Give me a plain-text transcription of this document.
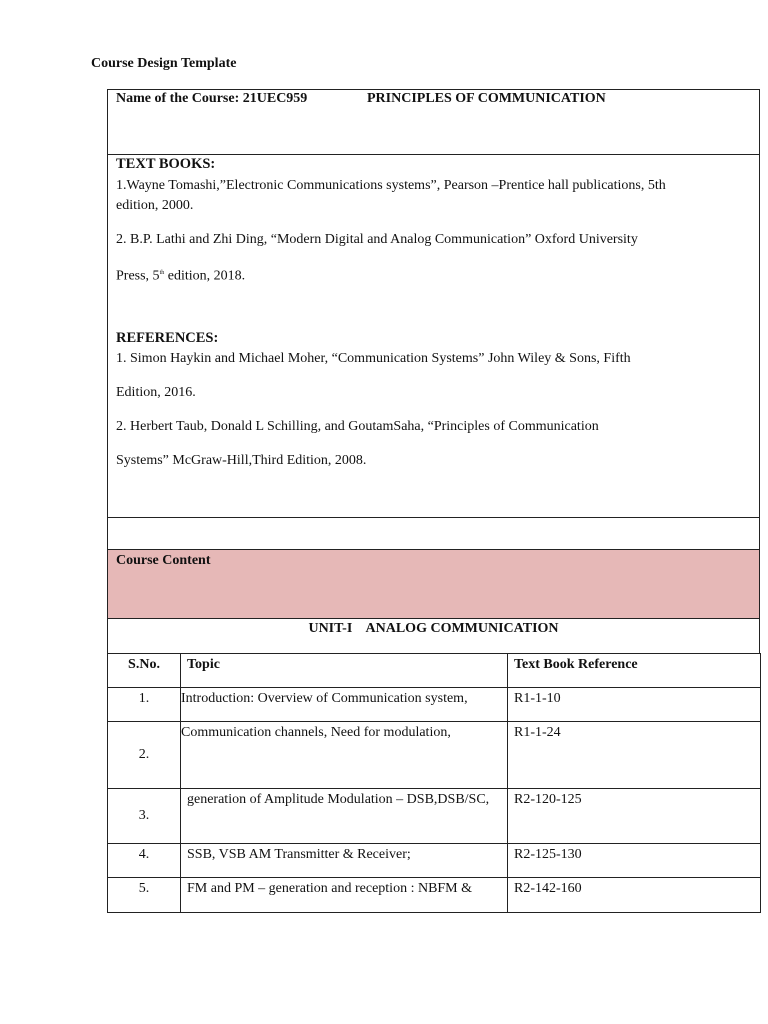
Course Design Template
Name of the Course: 21UEC959	PRINCIPLES OF COMMUNICATION
TEXT BOOKS:
1.Wayne Tomashi,”Electronic Communications systems”, Pearson –Prentice hall publications, 5th
edition, 2000.
2. B.P. Lathi and Zhi Ding, “Modern Digital and Analog Communication” Oxford University
Press, 5th edition, 2018.
REFERENCES:
1. Simon Haykin and Michael Moher, “Communication Systems” John Wiley & Sons, Fifth
Edition, 2016.
2. Herbert Taub, Donald L Schilling, and GoutamSaha, “Principles of Communication
Systems” McGraw-Hill,Third Edition, 2008.
Course Content
UNIT-I    ANALOG COMMUNICATION
S.No.	Topic	Text Book Reference
1.	Introduction: Overview of Communication system,	R1-1-10
2.	Communication channels, Need for modulation,	R1-1-24
3.	generation of Amplitude Modulation – DSB,DSB/SC,	R2-120-125
4.	SSB, VSB AM Transmitter & Receiver;	R2-125-130
5.	FM and PM – generation and reception : NBFM &	R2-142-160
